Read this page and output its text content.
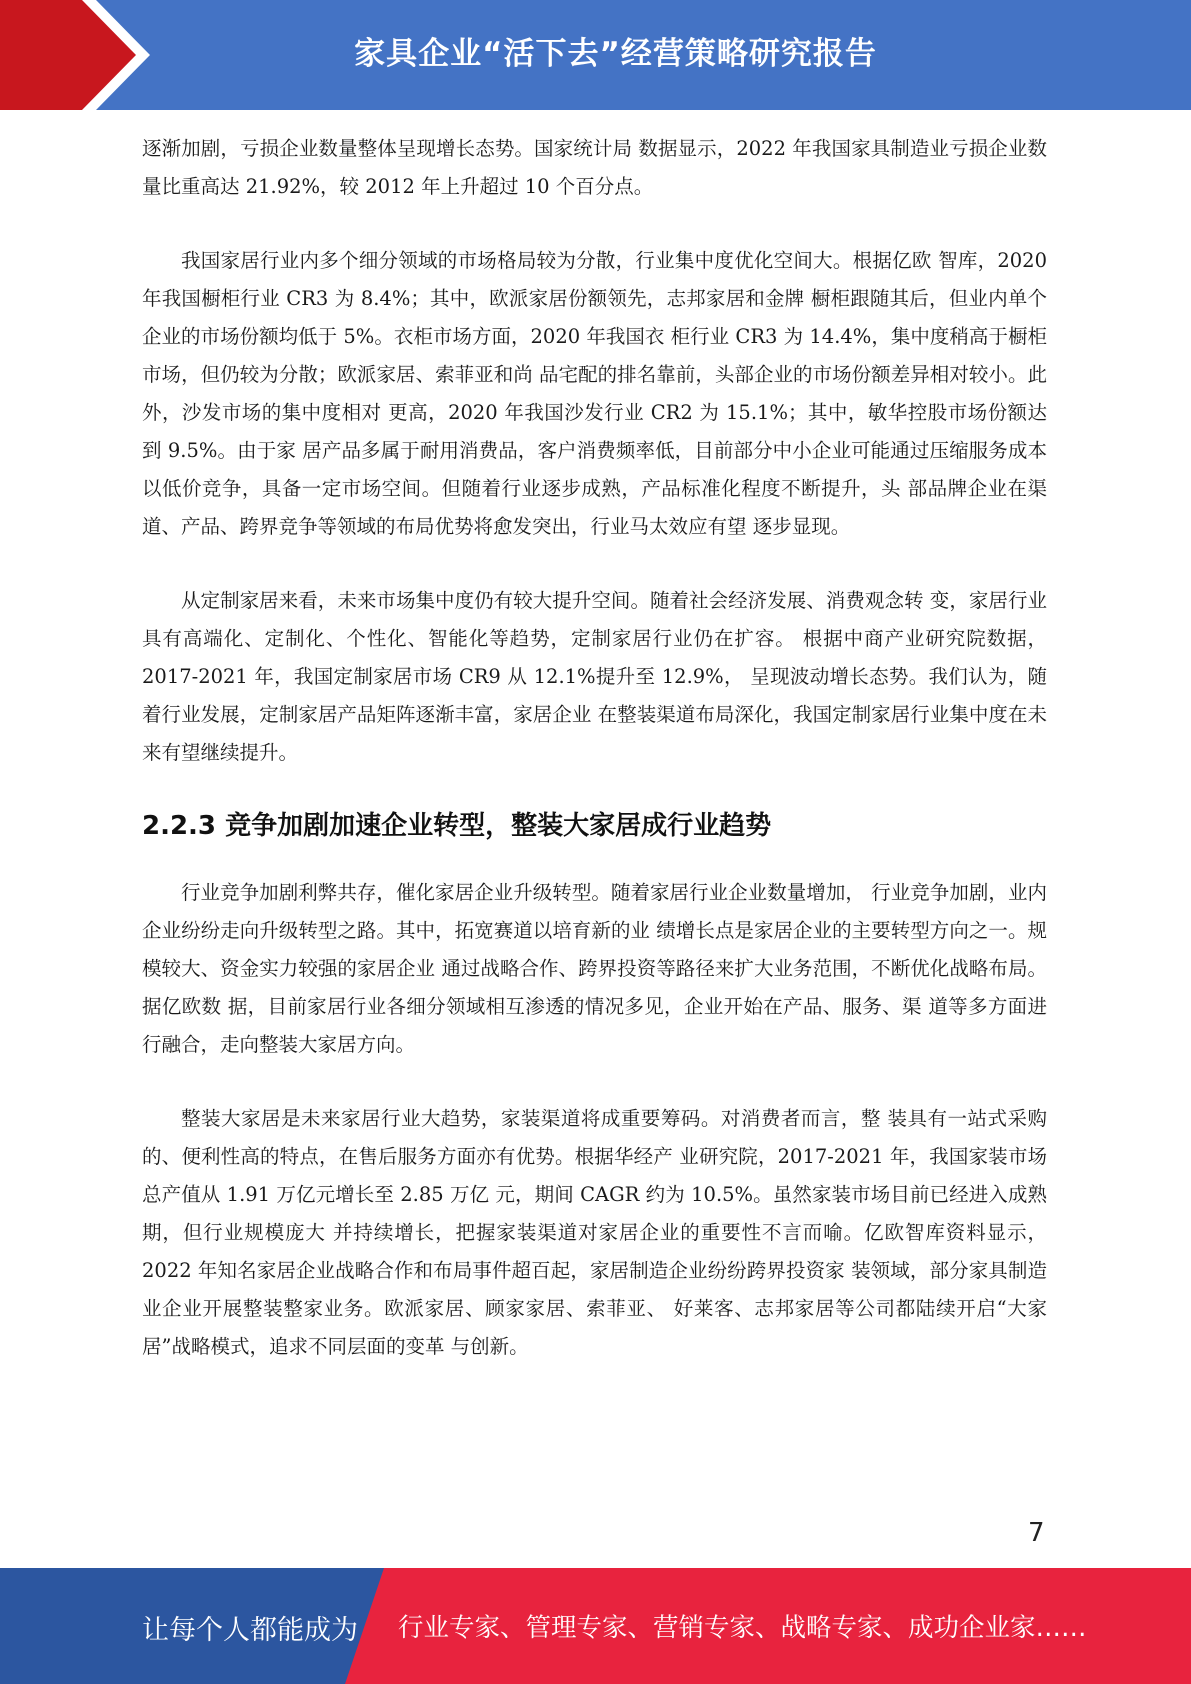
家具企业“活下去”经营策略研究报告

逐渐加剧，亏损企业数量整体呈现增长态势。国家统计局 数据显示，2022 年我国家具制造业亏损企业数量比重高达 21.92%，较 2012 年上升超过 10 个百分点。

我国家居行业内多个细分领域的市场格局较为分散，行业集中度优化空间大。根据亿欧 智库，2020 年我国橱柜行业 CR3 为 8.4%；其中，欧派家居份额领先，志邦家居和金牌 橱柜跟随其后，但业内单个企业的市场份额均低于 5%。衣柜市场方面，2020 年我国衣 柜行业 CR3 为 14.4%，集中度稍高于橱柜市场，但仍较为分散；欧派家居、索菲亚和尚 品宅配的排名靠前，头部企业的市场份额差异相对较小。此外，沙发市场的集中度相对 更高，2020 年我国沙发行业 CR2 为 15.1%；其中，敏华控股市场份额达到 9.5%。由于家 居产品多属于耐用消费品，客户消费频率低，目前部分中小企业可能通过压缩服务成本 以低价竞争，具备一定市场空间。但随着行业逐步成熟，产品标准化程度不断提升，头 部品牌企业在渠道、产品、跨界竞争等领域的布局优势将愈发突出，行业马太效应有望 逐步显现。

从定制家居来看，未来市场集中度仍有较大提升空间。随着社会经济发展、消费观念转 变，家居行业具有高端化、定制化、个性化、智能化等趋势，定制家居行业仍在扩容。 根据中商产业研究院数据，2017-2021 年，我国定制家居市场 CR9 从 12.1%提升至 12.9%， 呈现波动增长态势。我们认为，随着行业发展，定制家居产品矩阵逐渐丰富，家居企业 在整装渠道布局深化，我国定制家居行业集中度在未来有望继续提升。

2.2.3 竞争加剧加速企业转型，整装大家居成行业趋势

行业竞争加剧利弊共存，催化家居企业升级转型。随着家居行业企业数量增加， 行业竞争加剧，业内企业纷纷走向升级转型之路。其中，拓宽赛道以培育新的业 绩增长点是家居企业的主要转型方向之一。规模较大、资金实力较强的家居企业 通过战略合作、跨界投资等路径来扩大业务范围，不断优化战略布局。据亿欧数 据，目前家居行业各细分领域相互渗透的情况多见，企业开始在产品、服务、渠 道等多方面进行融合，走向整装大家居方向。

整装大家居是未来家居行业大趋势，家装渠道将成重要筹码。对消费者而言，整 装具有一站式采购的、便利性高的特点，在售后服务方面亦有优势。根据华经产 业研究院，2017-2021 年，我国家装市场总产值从 1.91 万亿元增长至 2.85 万亿 元，期间 CAGR 约为 10.5%。虽然家装市场目前已经进入成熟期，但行业规模庞大 并持续增长，把握家装渠道对家居企业的重要性不言而喻。亿欧智库资料显示， 2022 年知名家居企业战略合作和布局事件超百起，家居制造企业纷纷跨界投资家 装领域，部分家具制造业企业开展整装整家业务。欧派家居、顾家家居、索菲亚、 好莱客、志邦家居等公司都陆续开启“大家居”战略模式，追求不同层面的变革 与创新。

7
让每个人都能成为 行业专家、管理专家、营销专家、战略专家、成功企业家……
